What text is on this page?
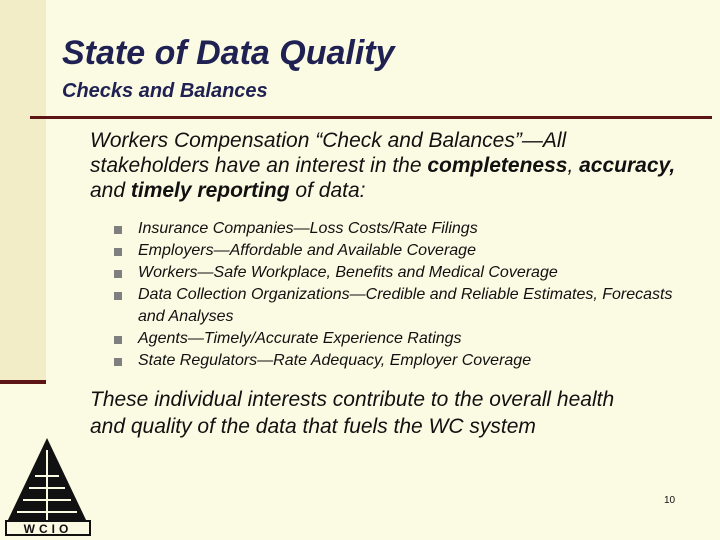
State of Data Quality
Checks and Balances
Workers Compensation “Check and Balances”—All stakeholders have an interest in the completeness, accuracy, and timely reporting of data:
Insurance Companies—Loss Costs/Rate Filings
Employers—Affordable and Available Coverage
Workers—Safe Workplace, Benefits and Medical Coverage
Data Collection Organizations—Credible and Reliable Estimates, Forecasts and Analyses
Agents—Timely/Accurate Experience Ratings
State Regulators—Rate Adequacy, Employer Coverage
These individual interests contribute to the overall health and quality of the data that fuels the WC system
WCIO
10
